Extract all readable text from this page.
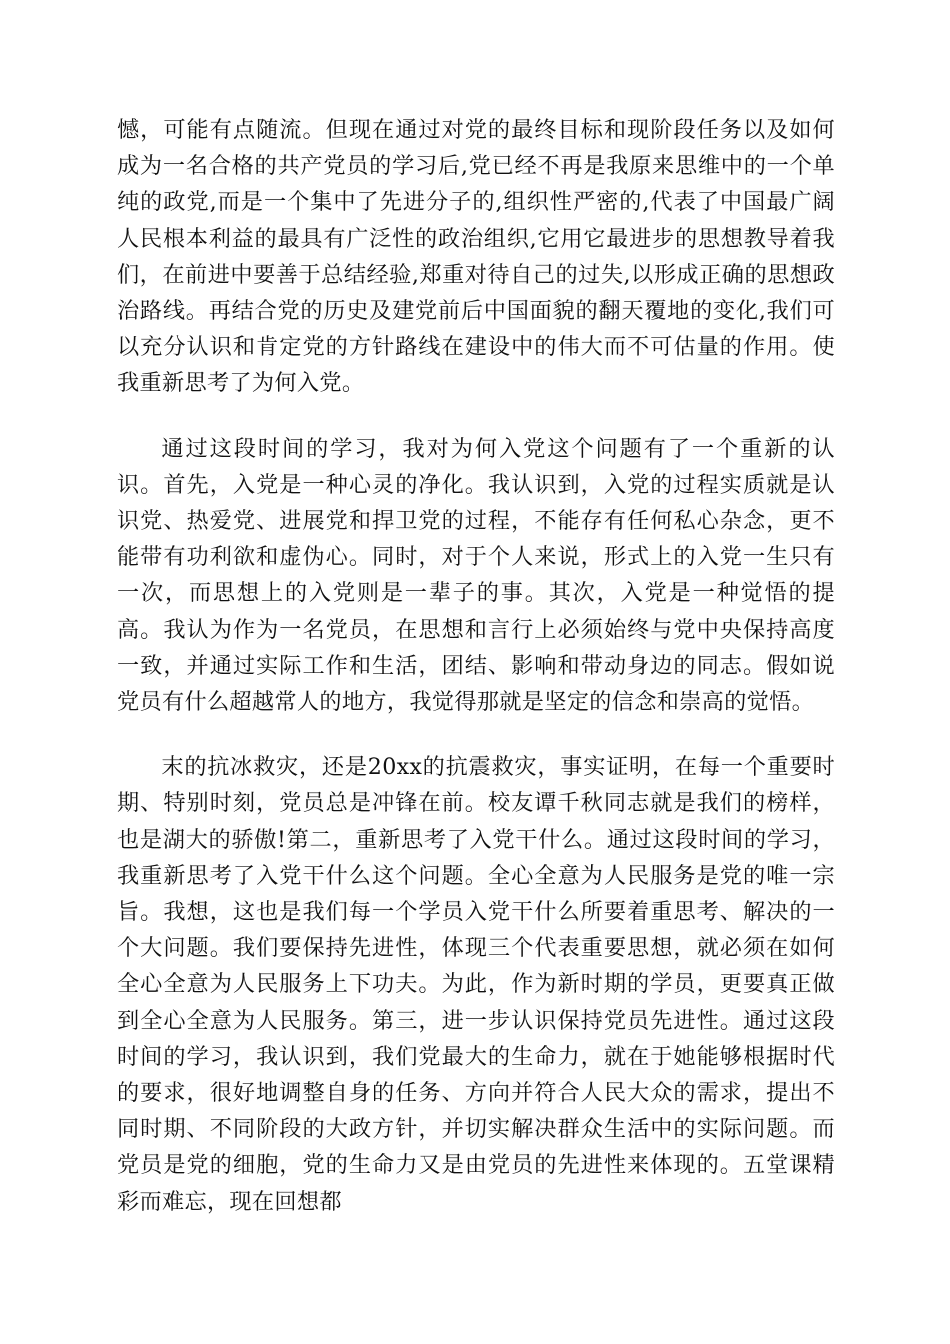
憾，可能有点随流。但现在通过对党的最终目标和现阶段任务以及如何成为一名合格的共产党员的学习后,党已经不再是我原来思维中的一个单纯的政党,而是一个集中了先进分子的,组织性严密的,代表了中国最广阔人民根本利益的最具有广泛性的政治组织,它用它最进步的思想教导着我们，在前进中要善于总结经验,郑重对待自己的过失,以形成正确的思想政治路线。再结合党的历史及建党前后中国面貌的翻天覆地的变化,我们可以充分认识和肯定党的方针路线在建设中的伟大而不可估量的作用。使我重新思考了为何入党。

通过这段时间的学习，我对为何入党这个问题有了一个重新的认识。首先，入党是一种心灵的净化。我认识到，入党的过程实质就是认识党、热爱党、进展党和捍卫党的过程，不能存有任何私心杂念，更不能带有功利欲和虚伪心。同时，对于个人来说，形式上的入党一生只有一次，而思想上的入党则是一辈子的事。其次，入党是一种觉悟的提高。我认为作为一名党员，在思想和言行上必须始终与党中央保持高度一致，并通过实际工作和生活，团结、影响和带动身边的同志。假如说党员有什么超越常人的地方，我觉得那就是坚定的信念和崇高的觉悟。

末的抗冰救灾，还是20xx的抗震救灾，事实证明，在每一个重要时期、特别时刻，党员总是冲锋在前。校友谭千秋同志就是我们的榜样，也是湖大的骄傲!第二，重新思考了入党干什么。通过这段时间的学习，我重新思考了入党干什么这个问题。全心全意为人民服务是党的唯一宗旨。我想，这也是我们每一个学员入党干什么所要着重思考、解决的一个大问题。我们要保持先进性，体现三个代表重要思想，就必须在如何全心全意为人民服务上下功夫。为此，作为新时期的学员，更要真正做到全心全意为人民服务。第三，进一步认识保持党员先进性。通过这段时间的学习，我认识到，我们党最大的生命力，就在于她能够根据时代的要求，很好地调整自身的任务、方向并符合人民大众的需求，提出不同时期、不同阶段的大政方针，并切实解决群众生活中的实际问题。而党员是党的细胞，党的生命力又是由党员的先进性来体现的。五堂课精彩而难忘，现在回想都
